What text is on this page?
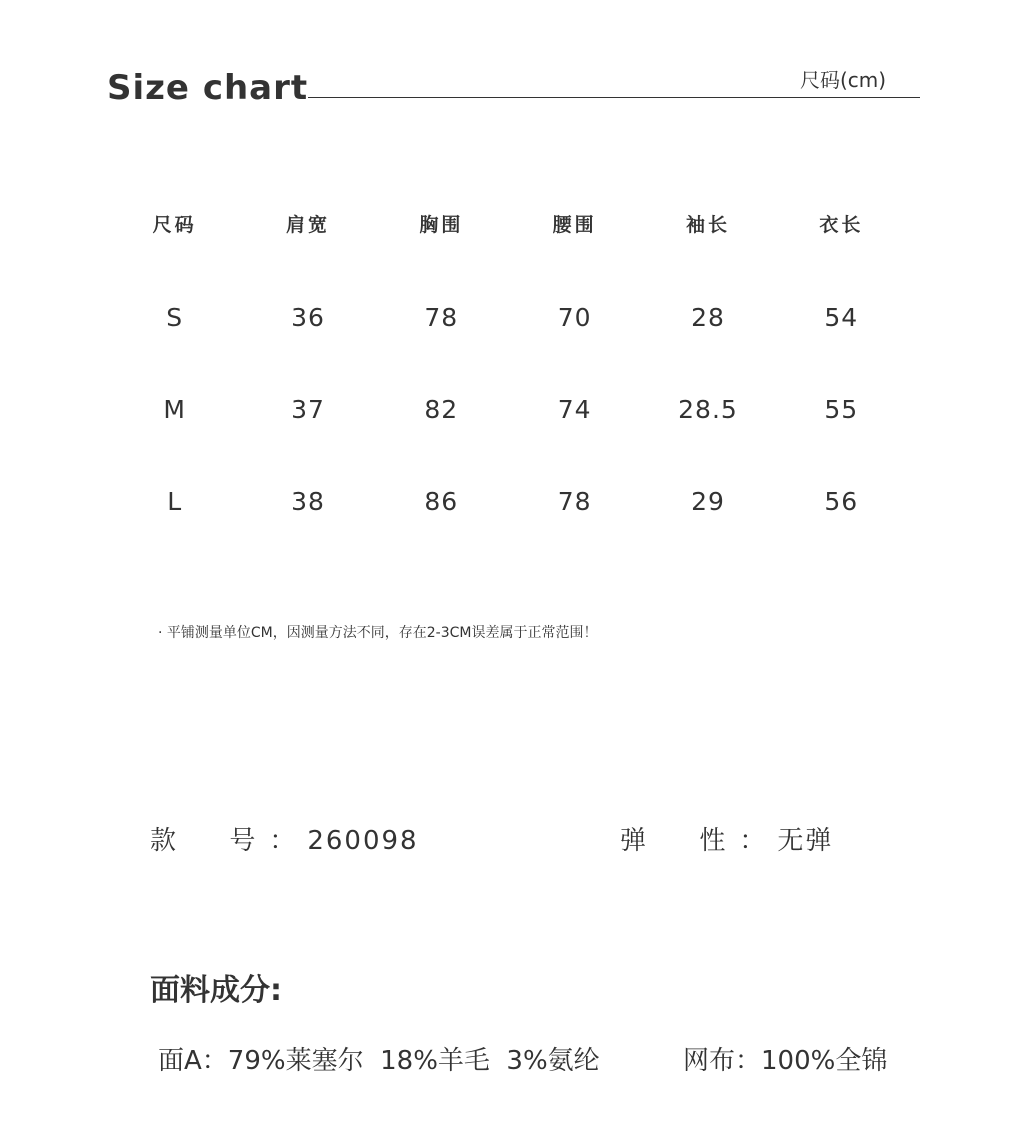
Size chart	尺码(cm)
尺码	肩宽	胸围	腰围	袖长	衣长
S	36	78	70	28	54
M	37	82	74	28.5	55
L	38	86	78	29	56
· 平铺测量单位CM，因测量方法不同，存在2-3CM误差属于正常范围！
款     号 ： 260098	弹     性 ： 无弹
面料成分:
面A：79%莱塞尔  18%羊毛  3%氨纶	网布：100%全锦
